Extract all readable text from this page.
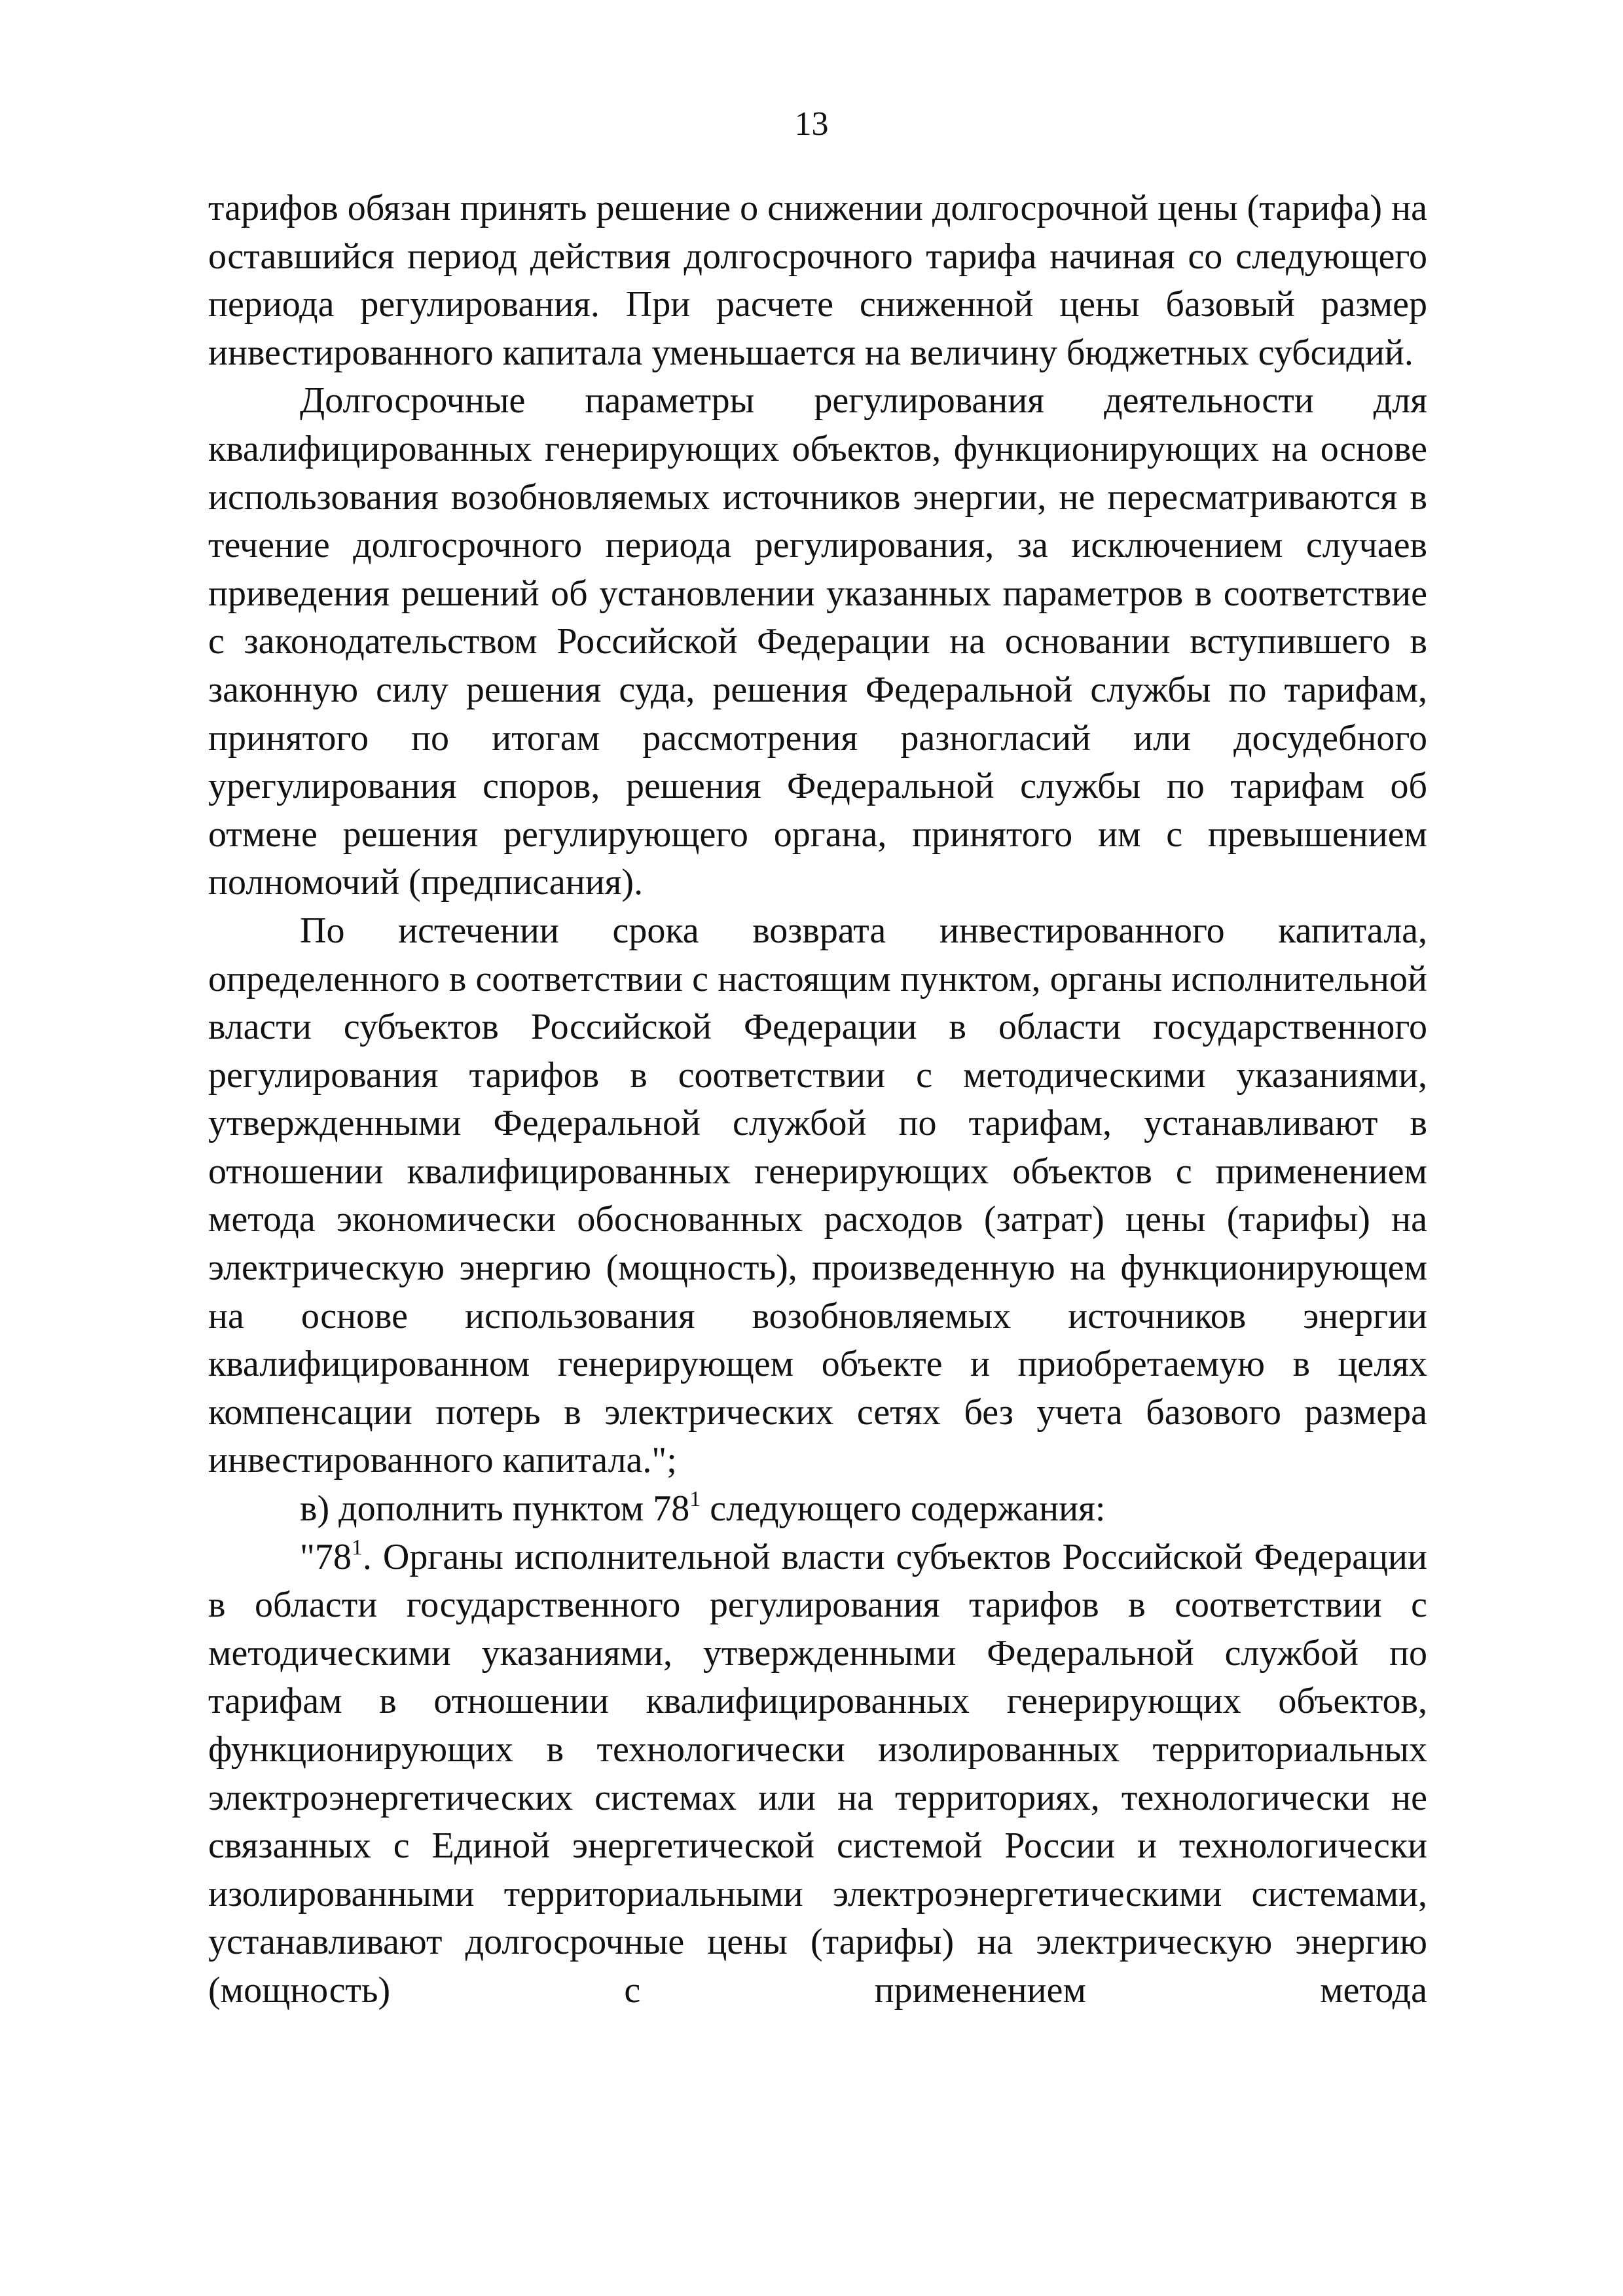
13

тарифов обязан принять решение о снижении долгосрочной цены (тарифа) на оставшийся период действия долгосрочного тарифа начиная со следующего периода регулирования. При расчете сниженной цены базовый размер инвестированного капитала уменьшается на величину бюджетных субсидий.

Долгосрочные параметры регулирования деятельности для квалифицированных генерирующих объектов, функционирующих на основе использования возобновляемых источников энергии, не пересматриваются в течение долгосрочного периода регулирования, за исключением случаев приведения решений об установлении указанных параметров в соответствие с законодательством Российской Федерации на основании вступившего в законную силу решения суда, решения Федеральной службы по тарифам, принятого по итогам рассмотрения разногласий или досудебного урегулирования споров, решения Федеральной службы по тарифам об отмене решения регулирующего органа, принятого им с превышением полномочий (предписания).

По истечении срока возврата инвестированного капитала, определенного в соответствии с настоящим пунктом, органы исполнительной власти субъектов Российской Федерации в области государственного регулирования тарифов в соответствии с методическими указаниями, утвержденными Федеральной службой по тарифам, устанавливают в отношении квалифицированных генерирующих объектов с применением метода экономически обоснованных расходов (затрат) цены (тарифы) на электрическую энергию (мощность), произведенную на функционирующем на основе использования возобновляемых источников энергии квалифицированном генерирующем объекте и приобретаемую в целях компенсации потерь в электрических сетях без учета базового размера инвестированного капитала.";

в) дополнить пунктом $78^1$ следующего содержания:

"$78^1$. Органы исполнительной власти субъектов Российской Федерации в области государственного регулирования тарифов в соответствии с методическими указаниями, утвержденными Федеральной службой по тарифам в отношении квалифицированных генерирующих объектов, функционирующих в технологически изолированных территориальных электроэнергетических системах или на территориях, технологически не связанных с Единой энергетической системой России и технологически изолированными территориальными электроэнергетическими системами, устанавливают долгосрочные цены (тарифы) на электрическую энергию (мощность) с применением метода
